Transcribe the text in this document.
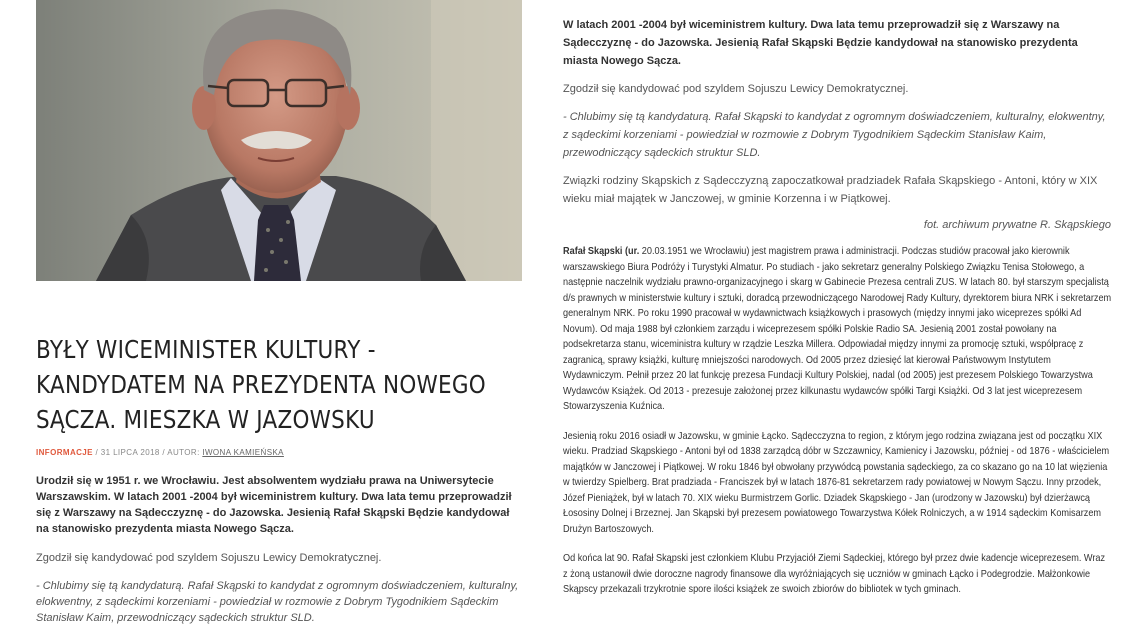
BYŁY WICEMINISTER KULTURY - KANDYDATEM NA PREZYDENTA NOWEGO SĄCZA. MIESZKA W JAZOWSKU
INFORMACJE / 31 LIPCA 2018 / AUTOR: IWONA KAMIEŃSKA

Urodził się w 1951 r. we Wrocławiu. Jest absolwentem wydziału prawa na Uniwersytecie Warszawskim. W latach 2001 -2004 był wiceministrem kultury. Dwa lata temu przeprowadził się z Warszawy na Sądecczyznę - do Jazowska. Jesienią Rafał Skąpski Będzie kandydował na stanowisko prezydenta miasta Nowego Sącza.

Zgodził się kandydować pod szyldem Sojuszu Lewicy Demokratycznej.

- Chlubimy się tą kandydaturą. Rafał Skąpski to kandydat z ogromnym doświadczeniem, kulturalny, elokwentny, z sądeckimi korzeniami - powiedział w rozmowie z Dobrym Tygodnikiem Sądeckim Stanisław Kaim, przewodniczący sądeckich struktur SLD.

W latach 2001 -2004 był wiceministrem kultury. Dwa lata temu przeprowadził się z Warszawy na Sądecczyznę - do Jazowska. Jesienią Rafał Skąpski Będzie kandydował na stanowisko prezydenta miasta Nowego Sącza.

Zgodził się kandydować pod szyldem Sojuszu Lewicy Demokratycznej.

- Chlubimy się tą kandydaturą. Rafał Skąpski to kandydat z ogromnym doświadczeniem, kulturalny, elokwentny, z sądeckimi korzeniami - powiedział w rozmowie z Dobrym Tygodnikiem Sądeckim Stanisław Kaim, przewodniczący sądeckich struktur SLD.

Związki rodziny Skąpskich z Sądecczyzną zapoczatkował pradziadek Rafała Skąpskiego - Antoni, który w XIX wieku miał majątek w Janczowej, w gminie Korzenna i w Piątkowej.

fot. archiwum prywatne R. Skąpskiego

Rafał Skąpski (ur. 20.03.1951 we Wrocławiu) jest magistrem prawa i administracji. Podczas studiów pracował jako kierownik warszawskiego Biura Podróży i Turystyki Almatur. Po studiach - jako sekretarz generalny Polskiego Związku Tenisa Stołowego, a następnie naczelnik wydziału prawno-organizacyjnego i skarg w Gabinecie Prezesa centrali ZUS. W latach 80. był starszym specjalistą d/s prawnych w ministerstwie kultury i sztuki, doradcą przewodniczącego Narodowej Rady Kultury, dyrektorem biura NRK i sekretarzem generalnym NRK. Po roku 1990 pracował w wydawnictwach książkowych i prasowych (między innymi jako wiceprezes spółki Ad Novum). Od maja 1988 był członkiem zarządu i wiceprezesem spółki Polskie Radio SA. Jesienią 2001 został powołany na podsekretarza stanu, wiceministra kultury w rządzie Leszka Millera. Odpowiadał między innymi za promocję sztuki, współpracę z zagranicą, sprawy książki, kulturę mniejszości narodowych. Od 2005 przez dziesięć lat kierował Państwowym Instytutem Wydawniczym. Pełnił przez 20 lat funkcję prezesa Fundacji Kultury Polskiej, nadal (od 2005) jest prezesem Polskiego Towarzystwa Wydawców Książek. Od 2013 - prezesuje założonej przez kilkunastu wydawców spółki Targi Książki. Od 3 lat jest wiceprezesem Stowarzyszenia Kuźnica.

Jesienią roku 2016 osiadł w Jazowsku, w gminie Łącko. Sądecczyzna to region, z którym jego rodzina związana jest od początku XIX wieku. Pradziad Skąpskiego - Antoni był od 1838 zarządcą dóbr w Szczawnicy, Kamienicy i Jazowsku, później - od 1876 - właścicielem majątków w Janczowej i Piątkowej. W roku 1846 był obwołany przywódcą powstania sądeckiego, za co skazano go na 10 lat więzienia w twierdzy Spielberg. Brat pradziada - Franciszek był w latach 1876-81 sekretarzem rady powiatowej w Nowym Sączu. Inny przodek, Józef Pieniążek, był w latach 70. XIX wieku Burmistrzem Gorlic. Dziadek Skąpskiego - Jan (urodzony w Jazowsku) był dzierżawcą Łososiny Dolnej i Brzeznej. Jan Skąpski był prezesem powiatowego Towarzystwa Kółek Rolniczych, a w 1914 sądeckim Komisarzem Drużyn Bartoszowych.

Od końca lat 90. Rafał Skąpski jest członkiem Klubu Przyjaciół Ziemi Sądeckiej, którego był przez dwie kadencje wiceprezesem. Wraz z żoną ustanowił dwie doroczne nagrody finansowe dla wyróżniających się uczniów w gminach Łącko i Podegrodzie. Małżonkowie Skąpscy przekazali trzykrotnie spore ilości książek ze swoich zbiorów do bibliotek w tych gminach.
